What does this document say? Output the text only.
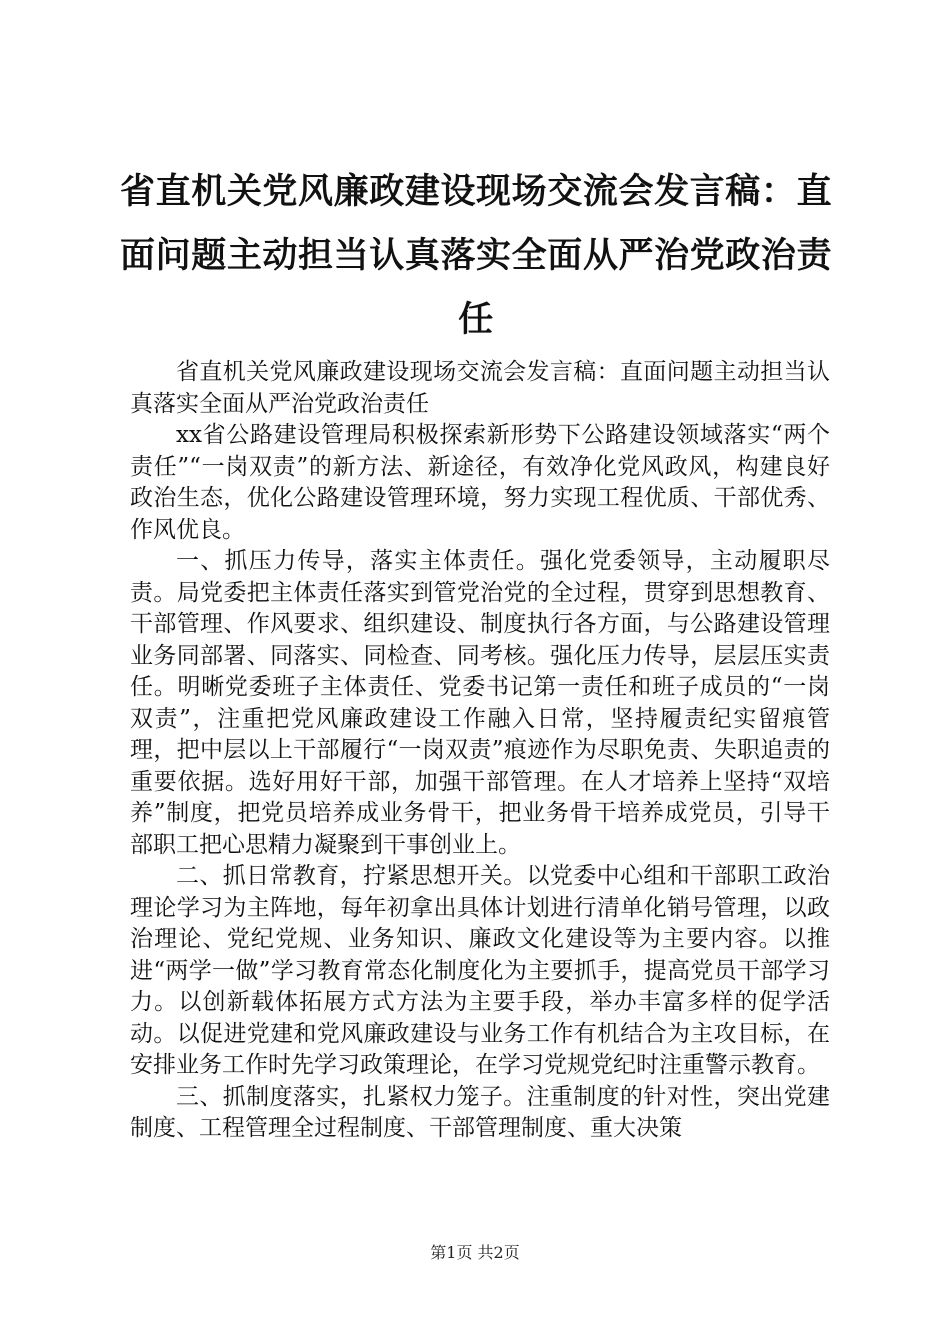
省直机关党风廉政建设现场交流会发言稿：直面问题主动担当认真落实全面从严治党政治责任

省直机关党风廉政建设现场交流会发言稿：直面问题主动担当认真落实全面从严治党政治责任

xx省公路建设管理局积极探索新形势下公路建设领域落实“两个责任”“一岗双责”的新方法、新途径，有效净化党风政风，构建良好政治生态，优化公路建设管理环境，努力实现工程优质、干部优秀、作风优良。

一、抓压力传导，落实主体责任。强化党委领导，主动履职尽责。局党委把主体责任落实到管党治党的全过程，贯穿到思想教育、干部管理、作风要求、组织建设、制度执行各方面，与公路建设管理业务同部署、同落实、同检查、同考核。强化压力传导，层层压实责任。明晰党委班子主体责任、党委书记第一责任和班子成员的“一岗双责”，注重把党风廉政建设工作融入日常，坚持履责纪实留痕管理，把中层以上干部履行“一岗双责”痕迹作为尽职免责、失职追责的重要依据。选好用好干部，加强干部管理。在人才培养上坚持“双培养”制度，把党员培养成业务骨干，把业务骨干培养成党员，引导干部职工把心思精力凝聚到干事创业上。

二、抓日常教育，拧紧思想开关。以党委中心组和干部职工政治理论学习为主阵地，每年初拿出具体计划进行清单化销号管理，以政治理论、党纪党规、业务知识、廉政文化建设等为主要内容。以推进“两学一做”学习教育常态化制度化为主要抓手，提高党员干部学习力。以创新载体拓展方式方法为主要手段，举办丰富多样的促学活动。以促进党建和党风廉政建设与业务工作有机结合为主攻目标，在安排业务工作时先学习政策理论，在学习党规党纪时注重警示教育。

三、抓制度落实，扎紧权力笼子。注重制度的针对性，突出党建制度、工程管理全过程制度、干部管理制度、重大决策

第1页 共2页
